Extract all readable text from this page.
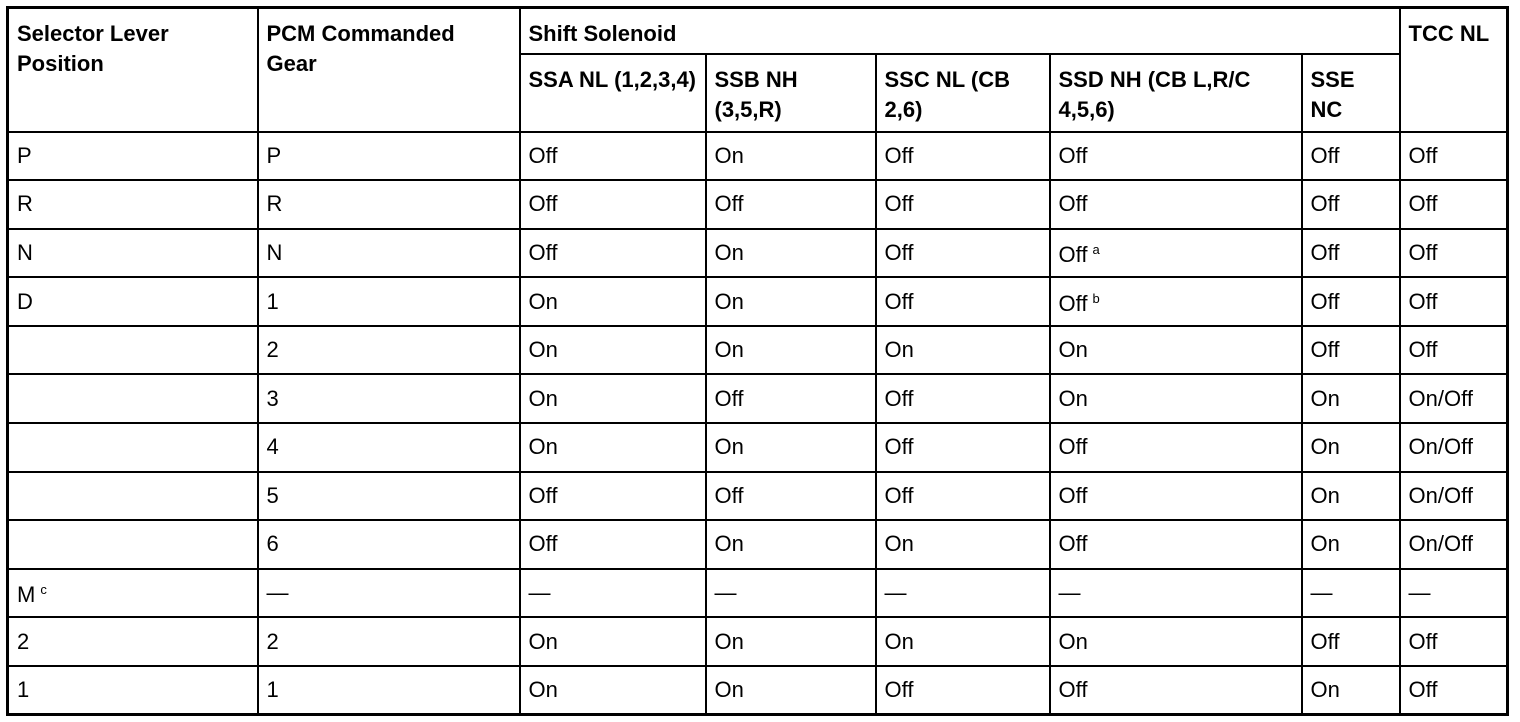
Selector Lever Position	PCM Commanded Gear	Shift Solenoid					TCC NL
		SSA NL (1,2,3,4)	SSB NH (3,5,R)	SSC NL (CB 2,6)	SSD NH (CB L,R/C 4,5,6)	SSE NC	
P	P	Off	On	Off	Off	Off	Off
R	R	Off	Off	Off	Off	Off	Off
N	N	Off	On	Off	Off $^a$	Off	Off
D	1	On	On	Off	Off $^b$	Off	Off
	2	On	On	On	On	Off	Off
	3	On	Off	Off	On	On	On/Off
	4	On	On	Off	Off	On	On/Off
	5	Off	Off	Off	Off	On	On/Off
	6	Off	On	On	Off	On	On/Off
M $^c$	—	—	—	—	—	—	—
2	2	On	On	On	On	Off	Off
1	1	On	On	Off	Off	On	Off
